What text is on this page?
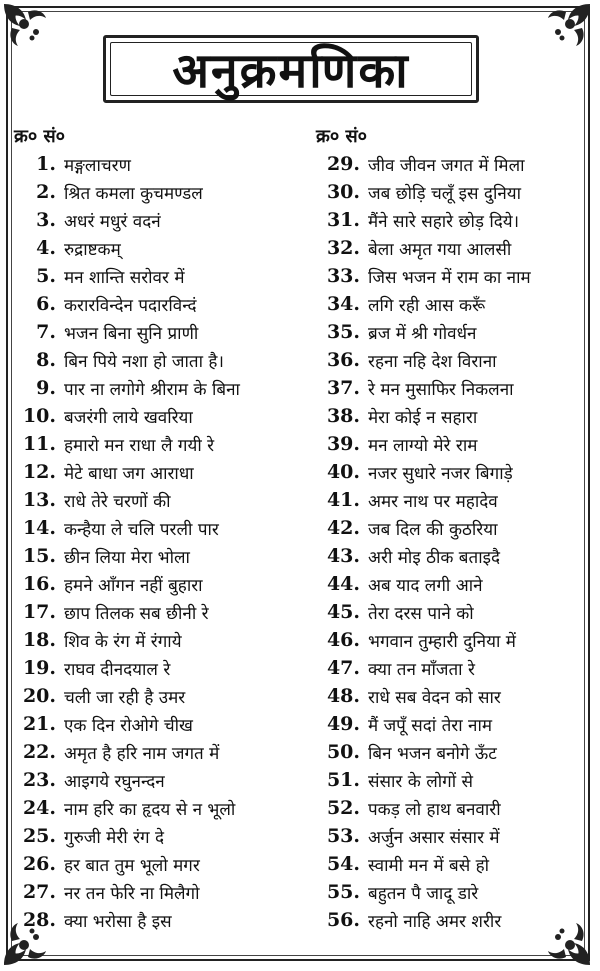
अनुक्रमणिका
क्र० सं०	क्र० सं०
1. मङ्गलाचरण
2. श्रित कमला कुचमण्डल
3. अधरं मधुरं वदनं
4. रुद्राष्टकम्
5. मन शान्ति सरोवर में
6. करारविन्देन पदारविन्दं
7. भजन बिना सुनि प्राणी
8. बिन पिये नशा हो जाता है।
9. पार ना लगोगे श्रीराम के बिना
10. बजरंगी लाये खवरिया
11. हमारो मन राधा लै गयी रे
12. मेटे बाधा जग आराधा
13. राधे तेरे चरणों की
14. कन्हैया ले चलि परली पार
15. छीन लिया मेरा भोला
16. हमने आँगन नहीं बुहारा
17. छाप तिलक सब छीनी रे
18. शिव के रंग में रंगाये
19. राघव दीनदयाल रे
20. चली जा रही है उमर
21. एक दिन रोओगे चीख
22. अमृत है हरि नाम जगत में
23. आइगये रघुनन्दन
24. नाम हरि का हृदय से न भूलो
25. गुरुजी मेरी रंग दे
26. हर बात तुम भूलो मगर
27. नर तन फेरि ना मिलैगो
28. क्या भरोसा है इस
29. जीव जीवन जगत में मिला
30. जब छोड़ि चलूँ इस दुनिया
31. मैंने सारे सहारे छोड़ दिये।
32. बेला अमृत गया आलसी
33. जिस भजन में राम का नाम
34. लगि रही आस करूँ
35. ब्रज में श्री गोवर्धन
36. रहना नहि देश विराना
37. रे मन मुसाफिर निकलना
38. मेरा कोई न सहारा
39. मन लाग्यो मेरे राम
40. नजर सुधारे नजर बिगाड़े
41. अमर नाथ पर महादेव
42. जब दिल की कुठरिया
43. अरी मोइ ठीक बताइदै
44. अब याद लगी आने
45. तेरा दरस पाने को
46. भगवान तुम्हारी दुनिया में
47. क्या तन माँजता रे
48. राधे सब वेदन को सार
49. मैं जपूँ सदां तेरा नाम
50. बिन भजन बनोगे ऊँट
51. संसार के लोगों से
52. पकड़ लो हाथ बनवारी
53. अर्जुन असार संसार में
54. स्वामी मन में बसे हो
55. बहुतन पै जादू डारे
56. रहनो नाहि अमर शरीर
